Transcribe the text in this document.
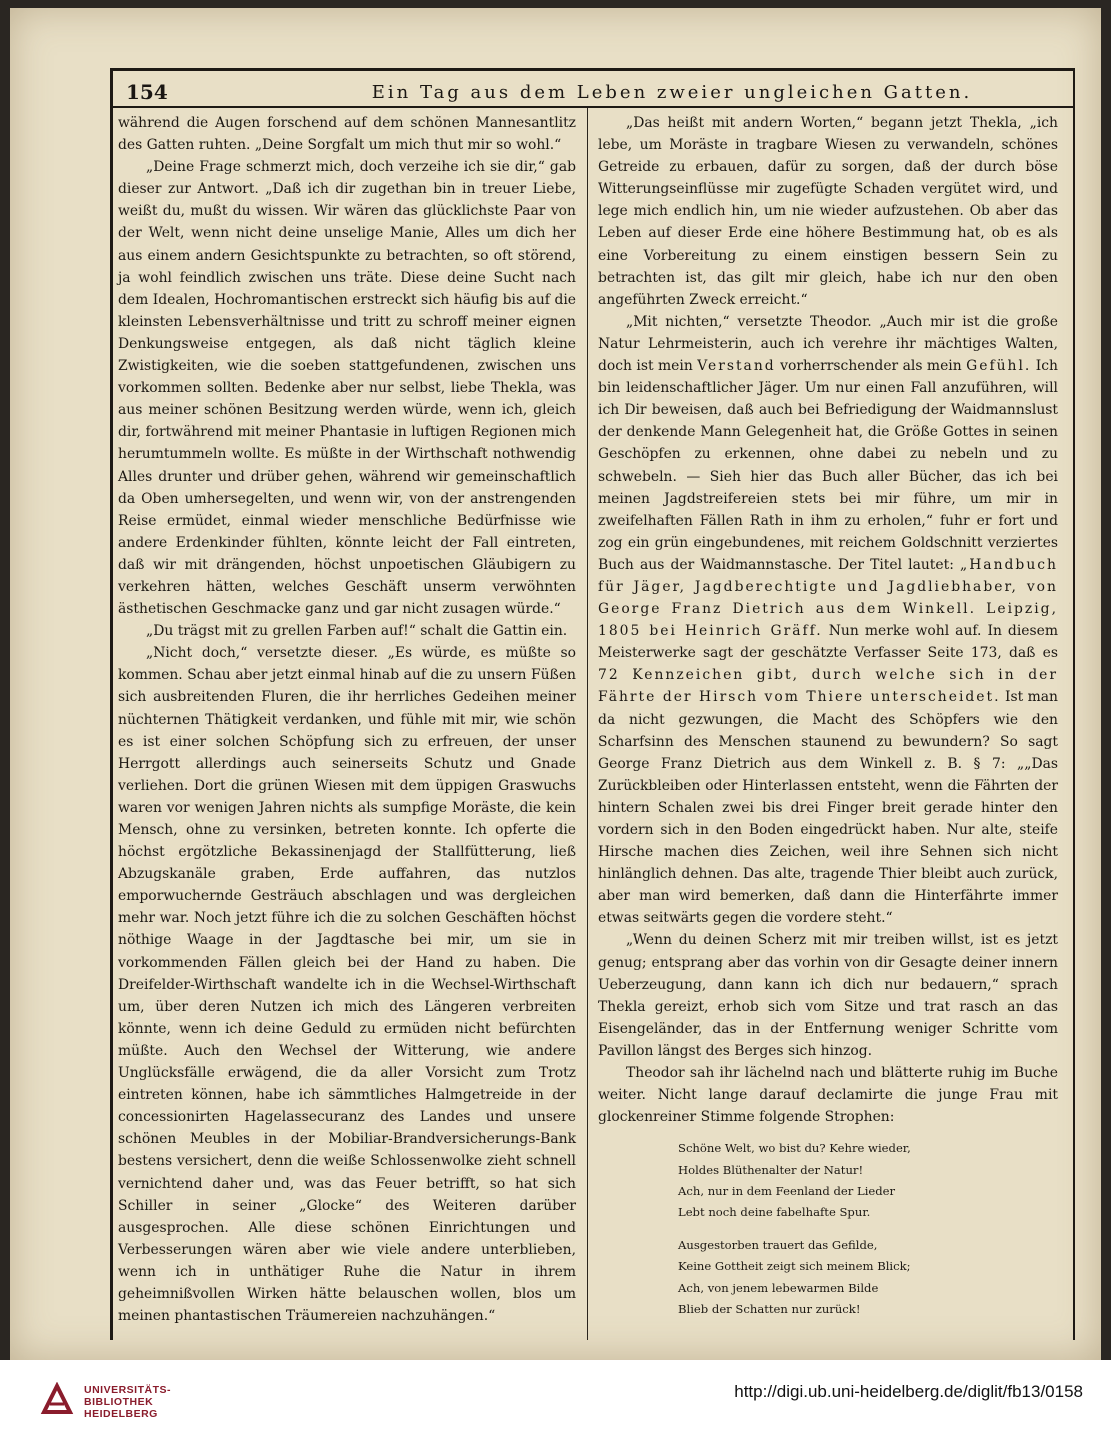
154	Ein Tag aus dem Leben zweier ungleichen Gatten.

während die Augen forschend auf dem schönen Mannesantlitz des Gatten ruhten. „Deine Sorgfalt um mich thut mir so wohl.“

„Deine Frage schmerzt mich, doch verzeihe ich sie dir,“ gab dieser zur Antwort. „Daß ich dir zugethan bin in treuer Liebe, weißt du, mußt du wissen. Wir wären das glücklichste Paar von der Welt, wenn nicht deine unselige Manie, Alles um dich her aus einem andern Gesichtspunkte zu betrachten, so oft störend, ja wohl feindlich zwischen uns träte. Diese deine Sucht nach dem Idealen, Hochromantischen erstreckt sich häufig bis auf die kleinsten Lebensverhältnisse und tritt zu schroff meiner eignen Denkungsweise entgegen, als daß nicht täglich kleine Zwistigkeiten, wie die soeben stattgefundenen, zwischen uns vorkommen sollten. Bedenke aber nur selbst, liebe Thekla, was aus meiner schönen Besitzung werden würde, wenn ich, gleich dir, fortwährend mit meiner Phantasie in luftigen Regionen mich herumtummeln wollte. Es müßte in der Wirthschaft nothwendig Alles drunter und drüber gehen, während wir gemeinschaftlich da Oben umhersegelten, und wenn wir, von der anstrengenden Reise ermüdet, einmal wieder menschliche Bedürfnisse wie andere Erdenkinder fühlten, könnte leicht der Fall eintreten, daß wir mit drängenden, höchst unpoetischen Gläubigern zu verkehren hätten, welches Geschäft unserm verwöhnten ästhetischen Geschmacke ganz und gar nicht zusagen würde.“

„Du trägst mit zu grellen Farben auf!“ schalt die Gattin ein.

„Nicht doch,“ versetzte dieser. „Es würde, es müßte so kommen. Schau aber jetzt einmal hinab auf die zu unsern Füßen sich ausbreitenden Fluren, die ihr herrliches Gedeihen meiner nüchternen Thätigkeit verdanken, und fühle mit mir, wie schön es ist einer solchen Schöpfung sich zu erfreuen, der unser Herrgott allerdings auch seinerseits Schutz und Gnade verliehen. Dort die grünen Wiesen mit dem üppigen Graswuchs waren vor wenigen Jahren nichts als sumpfige Moräste, die kein Mensch, ohne zu versinken, betreten konnte. Ich opferte die höchst ergötzliche Bekassinenjagd der Stallfütterung, ließ Abzugskanäle graben, Erde auffahren, das nutzlos emporwuchernde Gesträuch abschlagen und was dergleichen mehr war. Noch jetzt führe ich die zu solchen Geschäften höchst nöthige Waage in der Jagdtasche bei mir, um sie in vorkommenden Fällen gleich bei der Hand zu haben. Die Dreifelder-Wirthschaft wandelte ich in die Wechsel-Wirthschaft um, über deren Nutzen ich mich des Längeren verbreiten könnte, wenn ich deine Geduld zu ermüden nicht befürchten müßte. Auch den Wechsel der Witterung, wie andere Unglücksfälle erwägend, die da aller Vorsicht zum Trotz eintreten können, habe ich sämmtliches Halmgetreide in der concessionirten Hagelassecuranz des Landes und unsere schönen Meubles in der Mobiliar-Brandversicherungs-Bank bestens versichert, denn die weiße Schlossenwolke zieht schnell vernichtend daher und, was das Feuer betrifft, so hat sich Schiller in seiner „Glocke“ des Weiteren darüber ausgesprochen. Alle diese schönen Einrichtungen und Verbesserungen wären aber wie viele andere unterblieben, wenn ich in unthätiger Ruhe die Natur in ihrem geheimnißvollen Wirken hätte belauschen wollen, blos um meinen phantastischen Träumereien nachzuhängen.“

„Das heißt mit andern Worten,“ begann jetzt Thekla, „ich lebe, um Moräste in tragbare Wiesen zu verwandeln, schönes Getreide zu erbauen, dafür zu sorgen, daß der durch böse Witterungseinflüsse mir zugefügte Schaden vergütet wird, und lege mich endlich hin, um nie wieder aufzustehen. Ob aber das Leben auf dieser Erde eine höhere Bestimmung hat, ob es als eine Vorbereitung zu einem einstigen bessern Sein zu betrachten ist, das gilt mir gleich, habe ich nur den oben angeführten Zweck erreicht.“

„Mit nichten,“ versetzte Theodor. „Auch mir ist die große Natur Lehrmeisterin, auch ich verehre ihr mächtiges Walten, doch ist mein Verstand vorherrschender als mein Gefühl. Ich bin leidenschaftlicher Jäger. Um nur einen Fall anzuführen, will ich Dir beweisen, daß auch bei Befriedigung der Waidmannslust der denkende Mann Gelegenheit hat, die Größe Gottes in seinen Geschöpfen zu erkennen, ohne dabei zu nebeln und zu schwebeln. — Sieh hier das Buch aller Bücher, das ich bei meinen Jagdstreifereien stets bei mir führe, um mir in zweifelhaften Fällen Rath in ihm zu erholen,“ fuhr er fort und zog ein grün eingebundenes, mit reichem Goldschnitt verziertes Buch aus der Waidmannstasche. Der Titel lautet: „Handbuch für Jäger, Jagdberechtigte und Jagdliebhaber, von George Franz Dietrich aus dem Winkell. Leipzig, 1805 bei Heinrich Gräff. Nun merke wohl auf. In diesem Meisterwerke sagt der geschätzte Verfasser Seite 173, daß es 72 Kennzeichen gibt, durch welche sich in der Fährte der Hirsch vom Thiere unterscheidet. Ist man da nicht gezwungen, die Macht des Schöpfers wie den Scharfsinn des Menschen staunend zu bewundern? So sagt George Franz Dietrich aus dem Winkell z. B. § 7: „„Das Zurückbleiben oder Hinterlassen entsteht, wenn die Fährten der hintern Schalen zwei bis drei Finger breit gerade hinter den vordern sich in den Boden eingedrückt haben. Nur alte, steife Hirsche machen dies Zeichen, weil ihre Sehnen sich nicht hinlänglich dehnen. Das alte, tragende Thier bleibt auch zurück, aber man wird bemerken, daß dann die Hinterfährte immer etwas seitwärts gegen die vordere steht.“

„Wenn du deinen Scherz mit mir treiben willst, ist es jetzt genug; entsprang aber das vorhin von dir Gesagte deiner innern Ueberzeugung, dann kann ich dich nur bedauern,“ sprach Thekla gereizt, erhob sich vom Sitze und trat rasch an das Eisengeländer, das in der Entfernung weniger Schritte vom Pavillon längst des Berges sich hinzog.

Theodor sah ihr lächelnd nach und blätterte ruhig im Buche weiter. Nicht lange darauf declamirte die junge Frau mit glockenreiner Stimme folgende Strophen:

Schöne Welt, wo bist du? Kehre wieder,
Holdes Blüthenalter der Natur!
Ach, nur in dem Feenland der Lieder
Lebt noch deine fabelhafte Spur.
Ausgestorben trauert das Gefilde,
Keine Gottheit zeigt sich meinem Blick;
Ach, von jenem lebewarmen Bilde
Blieb der Schatten nur zurück!
UNIVERSITÄTS-
BIBLIOTHEK
HEIDELBERG
http://digi.ub.uni-heidelberg.de/diglit/fb13/0158
